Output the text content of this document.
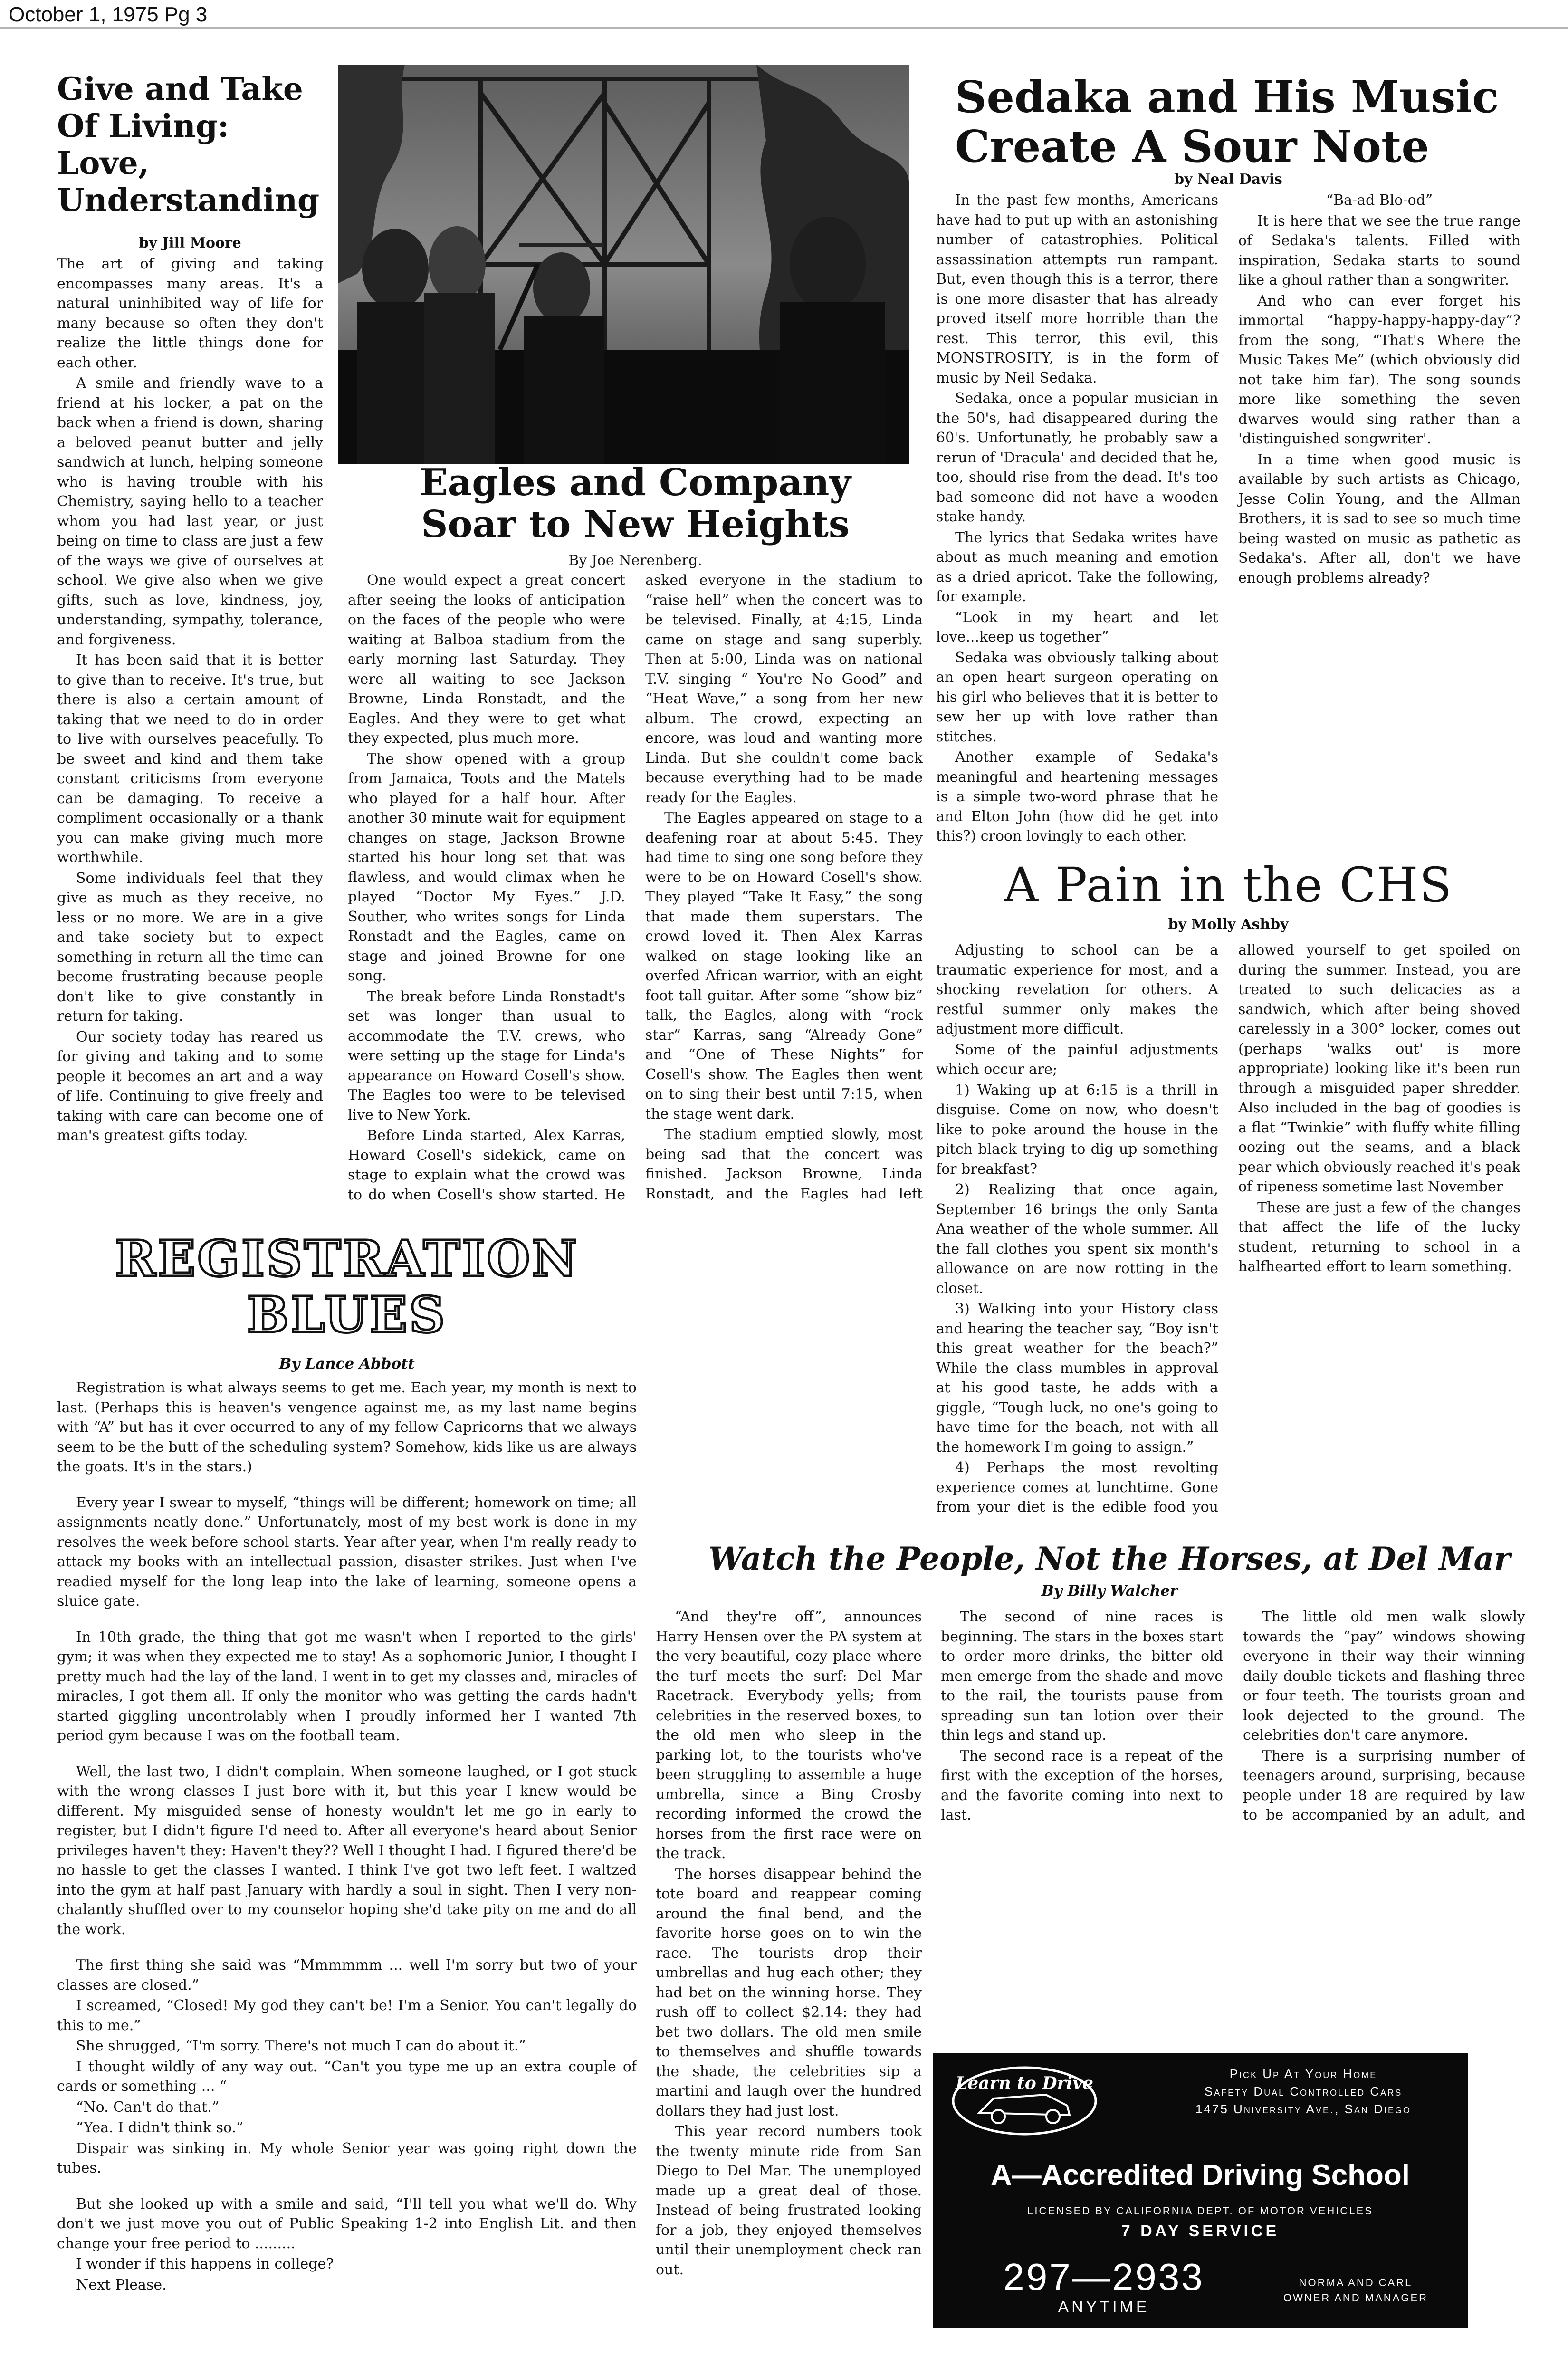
October 1, 1975 Pg 3
Give and Take
Of Living: Love,
Understanding
by Jill Moore

The art of giving and taking encompasses many areas. It's a natural uninhibited way of life for many because so often they don't realize the little things done for each other.

A smile and friendly wave to a friend at his locker, a pat on the back when a friend is down, sharing a beloved peanut butter and jelly sandwich at lunch, helping someone who is having trouble with his Chemistry, saying hello to a teacher whom you had last year, or just being on time to class are just a few of the ways we give of ourselves at school. We give also when we give gifts, such as love, kindness, joy, understanding, sympathy, tolerance, and forgiveness.

It has been said that it is better to give than to receive. It's true, but there is also a certain amount of taking that we need to do in order to live with ourselves peacefully. To be sweet and kind and them take constant criticisms from everyone can be damaging. To receive a compliment occasionally or a thank you can make giving much more worthwhile.

Some individuals feel that they give as much as they receive, no less or no more. We are in a give and take society but to expect something in return all the time can become frustrating because people don't like to give constantly in return for taking.

Our society today has reared us for giving and taking and to some people it becomes an art and a way of life. Continuing to give freely and taking with care can become one of man's greatest gifts today.

Eagles and Company
Soar to New Heights
By Joe Nerenberg.

One would expect a great concert after seeing the looks of anticipation on the faces of the people who were waiting at Balboa stadium from the early morning last Saturday. They were all waiting to see Jackson Browne, Linda Ronstadt, and the Eagles. And they were to get what they expected, plus much more.

The show opened with a group from Jamaica, Toots and the Matels who played for a half hour. After another 30 minute wait for equipment changes on stage, Jackson Browne started his hour long set that was flawless, and would climax when he played “Doctor My Eyes.” J.D. Souther, who writes songs for Linda Ronstadt and the Eagles, came on stage and joined Browne for one song.

The break before Linda Ronstadt's set was longer than usual to accommodate the T.V. crews, who were setting up the stage for Linda's appearance on Howard Cosell's show. The Eagles too were to be televised live to New York.

Before Linda started, Alex Karras, Howard Cosell's sidekick, came on stage to explain what the crowd was to do when Cosell's show started. He asked everyone in the stadium to “raise hell” when the concert was to be televised. Finally, at 4:15, Linda came on stage and sang superbly. Then at 5:00, Linda was on national T.V. singing “ You're No Good” and “Heat Wave,” a song from her new album. The crowd, expecting an encore, was loud and wanting more Linda. But she couldn't come back because everything had to be made ready for the Eagles.

The Eagles appeared on stage to a deafening roar at about 5:45. They had time to sing one song before they were to be on Howard Cosell's show. They played “Take It Easy,” the song that made them superstars. The crowd loved it. Then Alex Karras walked on stage looking like an overfed African warrior, with an eight foot tall guitar. After some “show biz” talk, the Eagles, along with “rock star” Karras, sang “Already Gone” and “One of These Nights” for Cosell's show. The Eagles then went on to sing their best until 7:15, when the stage went dark.

The stadium emptied slowly, most being sad that the concert was finished. Jackson Browne, Linda Ronstadt, and the Eagles had left

Sedaka and His Music
Create A Sour Note
by Neal Davis

In the past few months, Americans have had to put up with an astonishing number of catastrophies. Political assassination attempts run rampant. But, even though this is a terror, there is one more disaster that has already proved itself more horrible than the rest. This terror, this evil, this MONSTROSITY, is in the form of music by Neil Sedaka.

Sedaka, once a popular musician in the 50's, had disappeared during the 60's. Unfortunatly, he probably saw a rerun of 'Dracula' and decided that he, too, should rise from the dead. It's too bad someone did not have a wooden stake handy.

The lyrics that Sedaka writes have about as much meaning and emotion as a dried apricot. Take the following, for example.

“Look in my heart and let love...keep us together”

Sedaka was obviously talking about an open heart surgeon operating on his girl who believes that it is better to sew her up with love rather than stitches.

Another example of Sedaka's meaningful and heartening messages is a simple two-word phrase that he and Elton John (how did he get into this?) croon lovingly to each other.

“Ba-ad Blo-od”

It is here that we see the true range of Sedaka's talents. Filled with inspiration, Sedaka starts to sound like a ghoul rather than a songwriter.

And who can ever forget his immortal “happy-happy-happy-day”? from the song, “That's Where the Music Takes Me” (which obviously did not take him far). The song sounds more like something the seven dwarves would sing rather than a 'distinguished songwriter'.

In a time when good music is available by such artists as Chicago, Jesse Colin Young, and the Allman Brothers, it is sad to see so much time being wasted on music as pathetic as Sedaka's. After all, don't we have enough problems already?

A Pain in the CHS
by Molly Ashby

Adjusting to school can be a traumatic experience for most, and a shocking revelation for others. A restful summer only makes the adjustment more difficult.

Some of the painful adjustments which occur are;

1) Waking up at 6:15 is a thrill in disguise. Come on now, who doesn't like to poke around the house in the pitch black trying to dig up something for breakfast?

2) Realizing that once again, September 16 brings the only Santa Ana weather of the whole summer. All the fall clothes you spent six month's allowance on are now rotting in the closet.

3) Walking into your History class and hearing the teacher say, “Boy isn't this great weather for the beach?” While the class mumbles in approval at his good taste, he adds with a giggle, “Tough luck, no one's going to have time for the beach, not with all the homework I'm going to assign.”

4) Perhaps the most revolting experience comes at lunchtime. Gone from your diet is the edible food you allowed yourself to get spoiled on during the summer. Instead, you are treated to such delicacies as a sandwich, which after being shoved carelessly in a 300° locker, comes out (perhaps 'walks out' is more appropriate) looking like it's been run through a misguided paper shredder. Also included in the bag of goodies is a flat “Twinkie” with fluffy white filling oozing out the seams, and a black pear which obviously reached it's peak of ripeness sometime last November

These are just a few of the changes that affect the life of the lucky student, returning to school in a halfhearted effort to learn something.

REGISTRATION BLUES
By Lance Abbott

Registration is what always seems to get me. Each year, my month is next to last. (Perhaps this is heaven's vengence against me, as my last name begins with “A” but has it ever occurred to any of my fellow Capricorns that we always seem to be the butt of the scheduling system? Somehow, kids like us are always the goats. It's in the stars.)

Every year I swear to myself, “things will be different; homework on time; all assignments neatly done.” Unfortunately, most of my best work is done in my resolves the week before school starts. Year after year, when I'm really ready to attack my books with an intellectual passion, disaster strikes. Just when I've readied myself for the long leap into the lake of learning, someone opens a sluice gate.

In 10th grade, the thing that got me wasn't when I reported to the girls' gym; it was when they expected me to stay! As a sophomoric Junior, I thought I pretty much had the lay of the land. I went in to get my classes and, miracles of miracles, I got them all. If only the monitor who was getting the cards hadn't started giggling uncontrolably when I proudly informed her I wanted 7th period gym because I was on the football team.

Well, the last two, I didn't complain. When someone laughed, or I got stuck with the wrong classes I just bore with it, but this year I knew would be different. My misguided sense of honesty wouldn't let me go in early to register, but I didn't figure I'd need to. After all everyone's heard about Senior privileges haven't they: Haven't they?? Well I thought I had. I figured there'd be no hassle to get the classes I wanted. I think I've got two left feet. I waltzed into the gym at half past January with hardly a soul in sight. Then I very non-chalantly shuffled over to my counselor hoping she'd take pity on me and do all the work.

The first thing she said was “Mmmmmm ... well I'm sorry but two of your classes are closed.”

I screamed, “Closed! My god they can't be! I'm a Senior. You can't legally do this to me.”

She shrugged, “I'm sorry. There's not much I can do about it.”

I thought wildly of any way out. “Can't you type me up an extra couple of cards or something ... “

“No. Can't do that.”

“Yea. I didn't think so.”

Dispair was sinking in. My whole Senior year was going right down the tubes.

But she looked up with a smile and said, “I'll tell you what we'll do. Why don't we just move you out of Public Speaking 1-2 into English Lit. and then change your free period to .........

I wonder if this happens in college?

Next Please.

Watch the People, Not the Horses, at Del Mar
By Billy Walcher

“And they're off”, announces Harry Hensen over the PA system at the very beautiful, cozy place where the turf meets the surf: Del Mar Racetrack. Everybody yells; from celebrities in the reserved boxes, to the old men who sleep in the parking lot, to the tourists who've been struggling to assemble a huge umbrella, since a Bing Crosby recording informed the crowd the horses from the first race were on the track.

The horses disappear behind the tote board and reappear coming around the final bend, and the favorite horse goes on to win the race. The tourists drop their umbrellas and hug each other; they had bet on the winning horse. They rush off to collect $2.14: they had bet two dollars. The old men smile to themselves and shuffle towards the shade, the celebrities sip a martini and laugh over the hundred dollars they had just lost.

This year record numbers took the twenty minute ride from San Diego to Del Mar. The unemployed made up a great deal of those. Instead of being frustrated looking for a job, they enjoyed themselves until their unemployment check ran out.

The second of nine races is beginning. The stars in the boxes start to order more drinks, the bitter old men emerge from the shade and move to the rail, the tourists pause from spreading sun tan lotion over their thin legs and stand up.

The second race is a repeat of the first with the exception of the horses, and the favorite coming into next to last.

The little old men walk slowly towards the “pay” windows showing everyone in their way their winning daily double tickets and flashing three or four teeth. The tourists groan and look dejected to the ground. The celebrities don't care anymore.

There is a surprising number of teenagers around, surprising, because people under 18 are required by law to be accompanied by an adult, and

Learn to Drive	Pick Up At Your Home
Safety Dual Controlled Cars
1475 University Ave., San Diego
A—Accredited Driving School
LICENSED BY CALIFORNIA DEPT. OF MOTOR VEHICLES
7 DAY SERVICE
297—2933
ANYTIME
NORMA AND CARL
OWNER AND MANAGER
